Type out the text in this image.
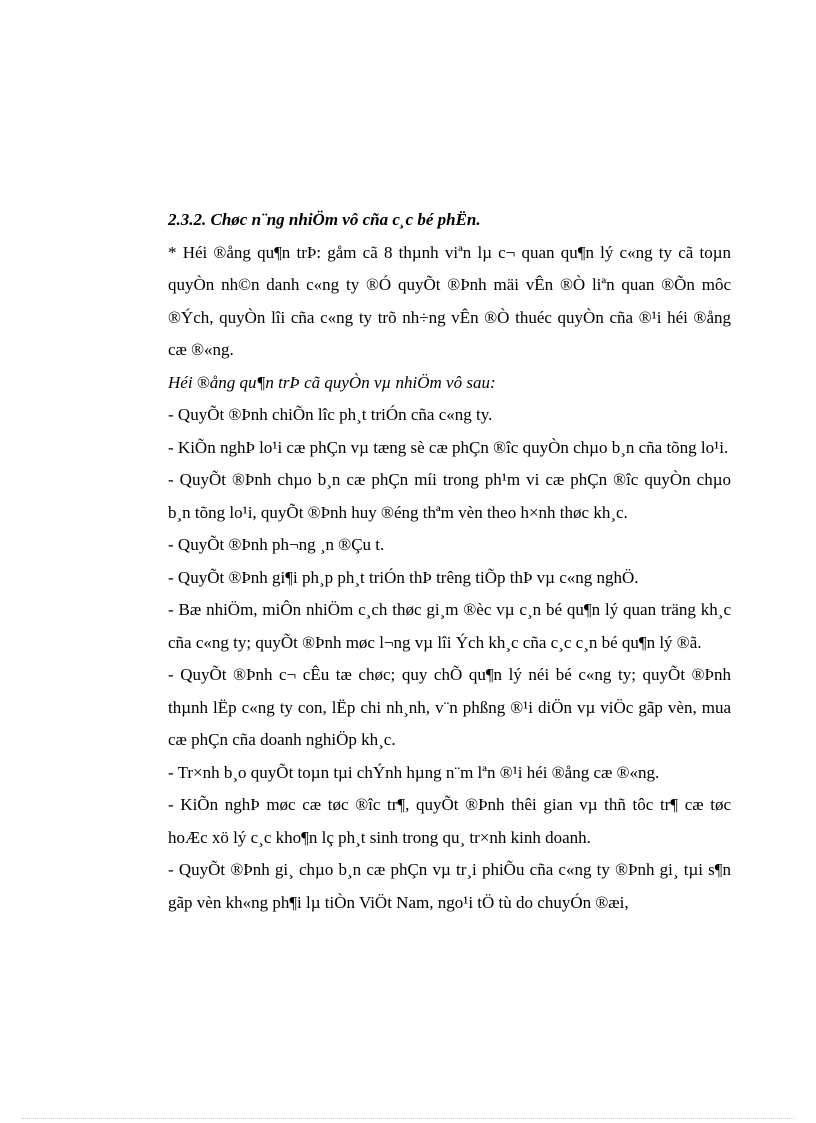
2.3.2. Chøc n¨ng nhiÖm vô cña c¸c bé phËn.

* Héi ®ång qu¶n trÞ: gåm cã 8 thµnh viªn lµ c¬ quan qu¶n lý c«ng ty cã toµn quyÒn nh©n danh c«ng ty ®Ó quyÕt ®Þnh mäi vÊn ®Ò liªn quan ®Õn môc ®Ých, quyÒn lîi cña c«ng ty trõ nh÷ng vÊn ®Ò thuéc quyÒn cña ®¹i héi ®ång cæ ®«ng.

Héi ®ång qu¶n trÞ cã quyÒn vµ nhiÖm vô sau:

- QuyÕt ®Þnh chiÕn lîc ph¸t triÓn cña c«ng ty.

- KiÕn nghÞ lo¹i cæ phÇn vµ tæng sè cæ phÇn ®îc quyÒn chµo b¸n cña tõng lo¹i.

- QuyÕt ®Þnh chµo b¸n cæ phÇn míi trong ph¹m vi cæ phÇn ®îc quyÒn chµo b¸n tõng lo¹i, quyÕt ®Þnh huy ®éng thªm vèn theo h×nh thøc kh¸c.

- QuyÕt ®Þnh ph¬ng ¸n ®Çu t.

- QuyÕt ®Þnh gi¶i ph¸p ph¸t triÓn thÞ trêng tiÕp thÞ vµ c«ng nghÖ.

- Bæ nhiÖm, miÔn nhiÖm c¸ch thøc gi¸m ®èc vµ c¸n bé qu¶n lý quan träng kh¸c cña c«ng ty; quyÕt ®Þnh møc l¬ng vµ lîi Ých kh¸c cña c¸c c¸n bé qu¶n lý ®ã.

- QuyÕt ®Þnh c¬ cÊu tæ chøc; quy chÕ qu¶n lý néi bé c«ng ty; quyÕt ®Þnh thµnh lËp c«ng ty con, lËp chi nh¸nh, v¨n phßng ®¹i diÖn vµ viÖc gãp vèn, mua cæ phÇn cña doanh nghiÖp kh¸c.

- Tr×nh b¸o quyÕt toµn tµi chÝnh hµng n¨m lªn ®¹i héi ®ång cæ ®«ng.

- KiÕn nghÞ møc cæ tøc ®îc tr¶, quyÕt ®Þnh thêi gian vµ thñ tôc tr¶ cæ tøc hoÆc xö lý c¸c kho¶n lç ph¸t sinh trong qu¸ tr×nh kinh doanh.

- QuyÕt ®Þnh gi¸ chµo b¸n cæ phÇn vµ tr¸i phiÕu cña c«ng ty ®Þnh gi¸ tµi s¶n gãp vèn kh«ng ph¶i lµ tiÒn ViÖt Nam, ngo¹i tÖ tù do chuyÓn ®æi,
